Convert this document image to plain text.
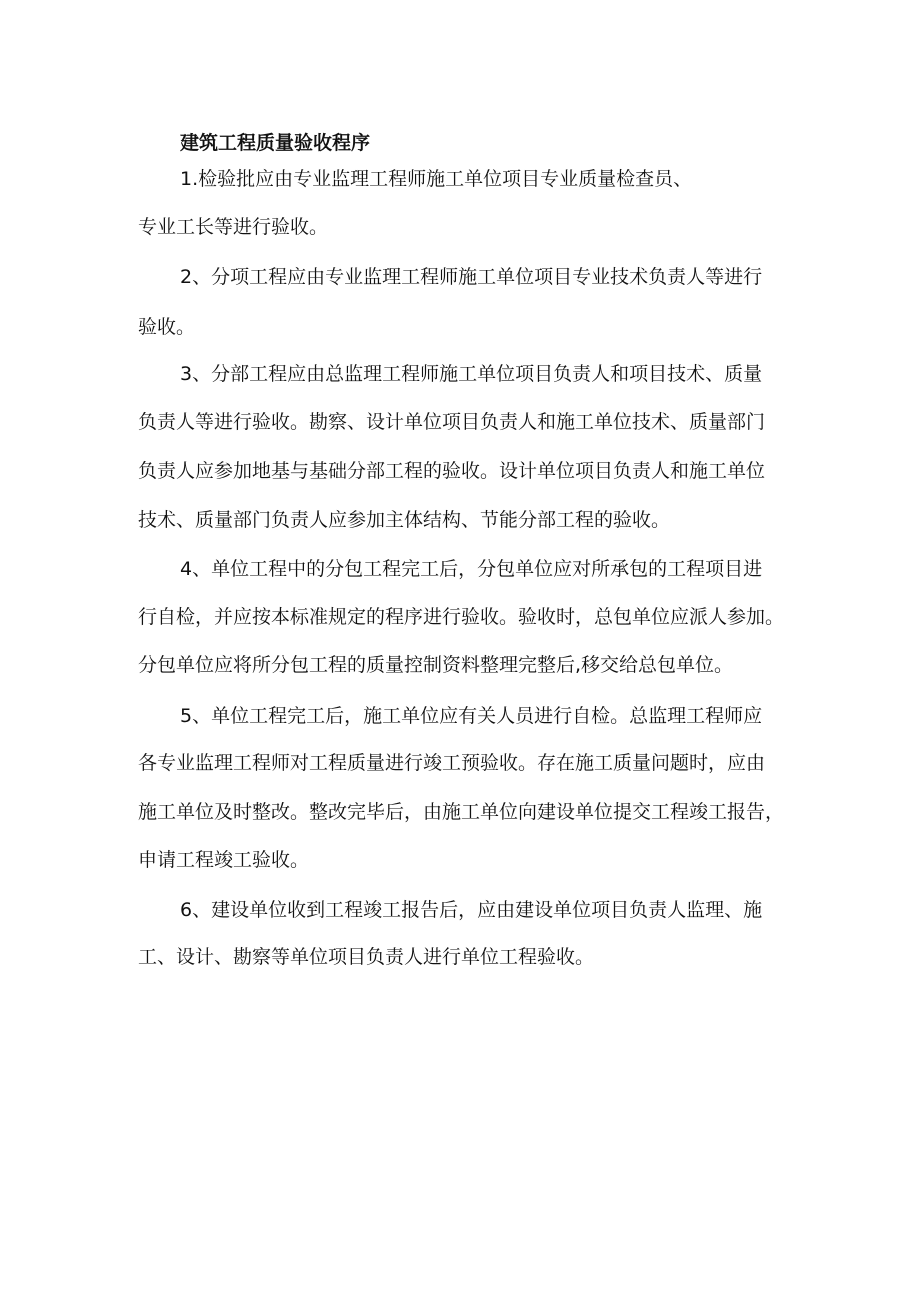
建筑工程质量验收程序
1.检验批应由专业监理工程师施工单位项目专业质量检查员、
专业工长等进行验收。
2、分项工程应由专业监理工程师施工单位项目专业技术负责人等进行
验收。
3、分部工程应由总监理工程师施工单位项目负责人和项目技术、质量
负责人等进行验收。勘察、设计单位项目负责人和施工单位技术、质量部门
负责人应参加地基与基础分部工程的验收。设计单位项目负责人和施工单位
技术、质量部门负责人应参加主体结构、节能分部工程的验收。
4、单位工程中的分包工程完工后，分包单位应对所承包的工程项目进
行自检，并应按本标准规定的程序进行验收。验收时，总包单位应派人参加。
分包单位应将所分包工程的质量控制资料整理完整后,移交给总包单位。
5、单位工程完工后，施工单位应有关人员进行自检。总监理工程师应
各专业监理工程师对工程质量进行竣工预验收。存在施工质量问题时，应由
施工单位及时整改。整改完毕后，由施工单位向建设单位提交工程竣工报告，
申请工程竣工验收。
6、建设单位收到工程竣工报告后，应由建设单位项目负责人监理、施
工、设计、勘察等单位项目负责人进行单位工程验收。
